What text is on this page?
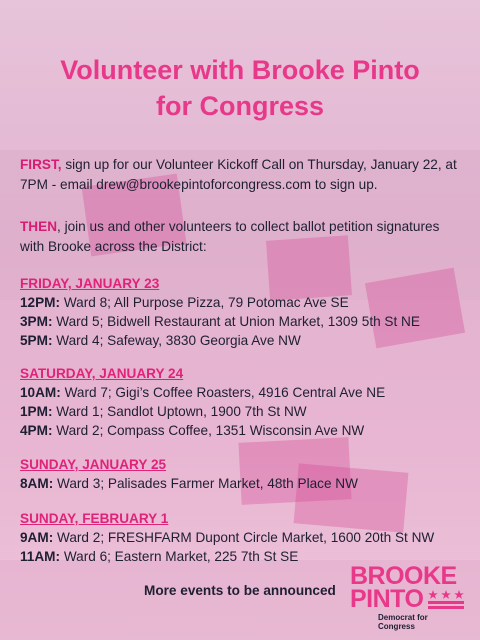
Volunteer with Brooke Pinto
for Congress

FIRST, sign up for our Volunteer Kickoff Call on Thursday, January 22, at 7PM - email drew@brookepintoforcongress.com to sign up.

THEN, join us and other volunteers to collect ballot petition signatures with Brooke across the District:

FRIDAY, JANUARY 23
12PM: Ward 8; All Purpose Pizza, 79 Potomac Ave SE
3PM: Ward 5; Bidwell Restaurant at Union Market, 1309 5th St NE
5PM: Ward 4; Safeway, 3830 Georgia Ave NW
SATURDAY, JANUARY 24
10AM: Ward 7; Gigi’s Coffee Roasters, 4916 Central Ave NE
1PM: Ward 1; Sandlot Uptown, 1900 7th St NW
4PM: Ward 2; Compass Coffee, 1351 Wisconsin Ave NW
SUNDAY, JANUARY 25
8AM: Ward 3; Palisades Farmer Market, 48th Place NW
SUNDAY, FEBRUARY 1
9AM: Ward 2; FRESHFARM Dupont Circle Market, 1600 20th St NW
11AM: Ward 6; Eastern Market, 225 7th St SE
More events to be announced
BROOKE
PINTO
Democrat for Congress
